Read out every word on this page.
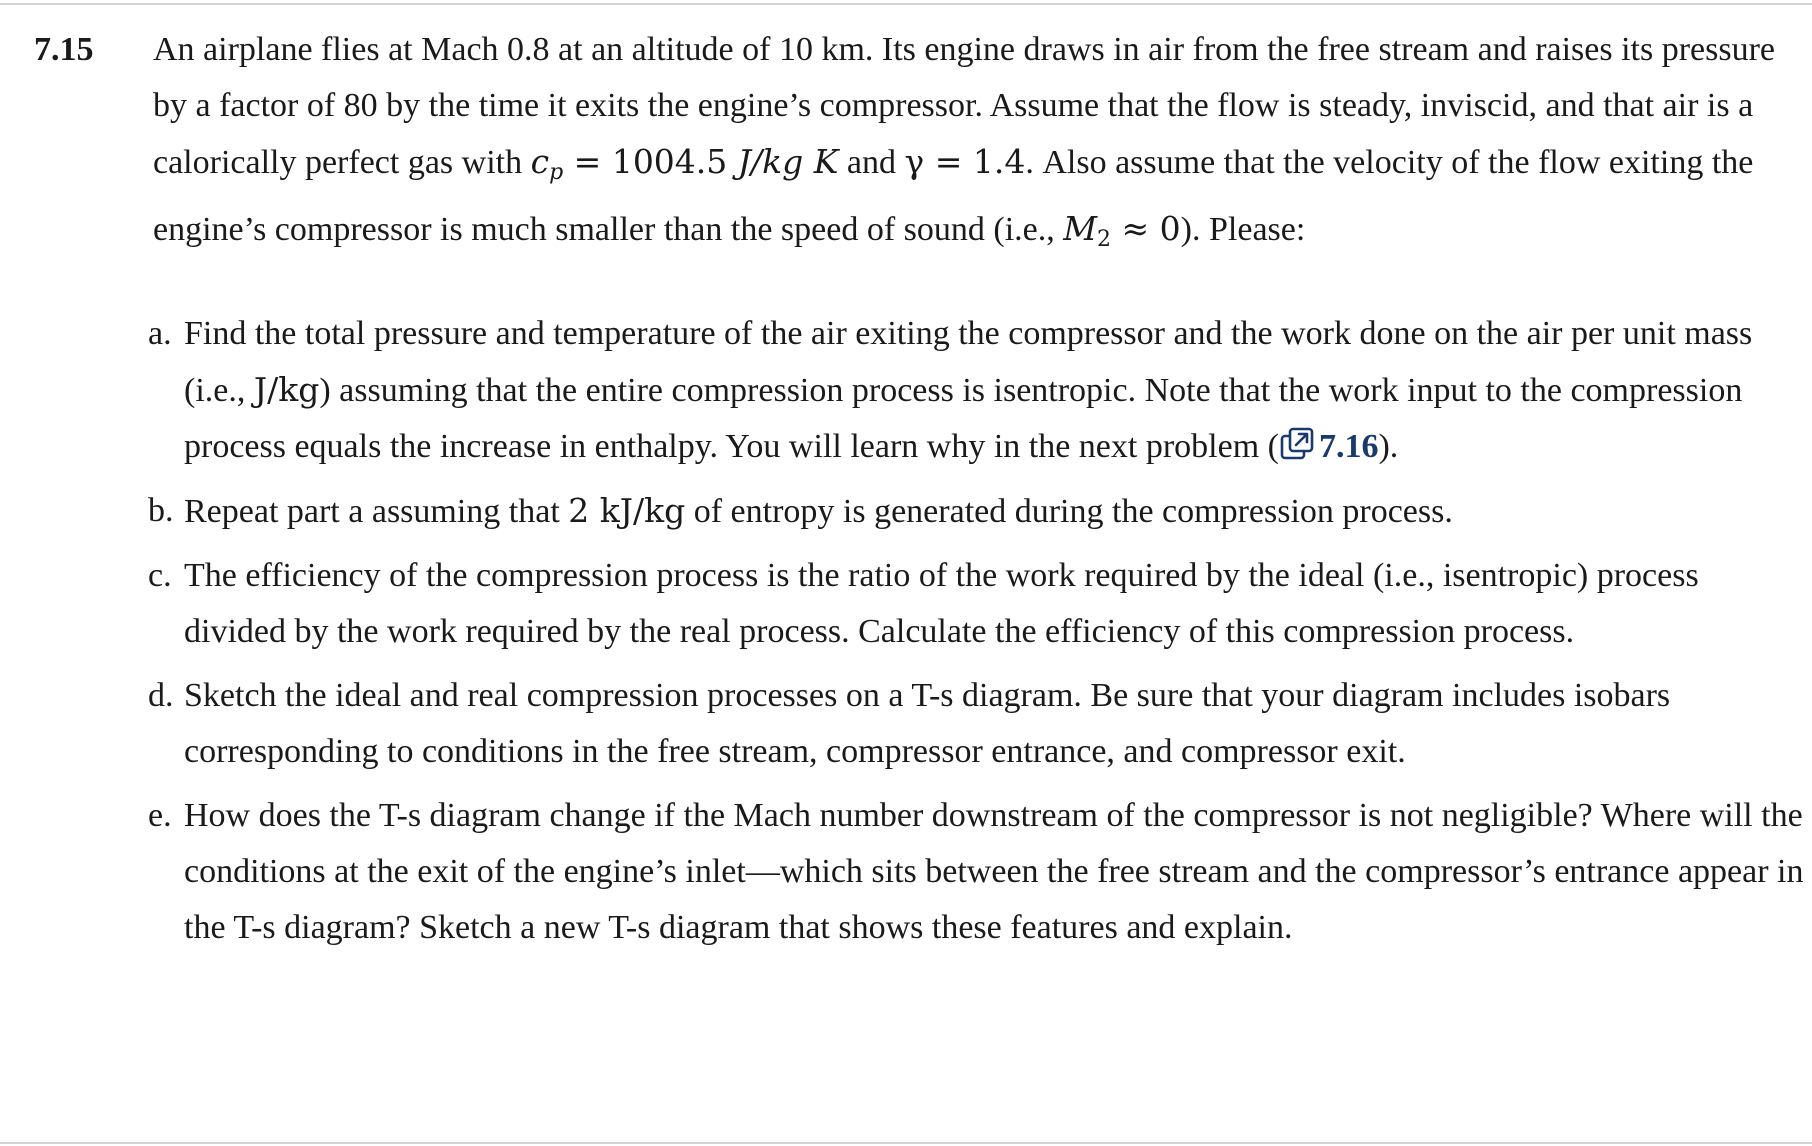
7.15 An airplane flies at Mach 0.8 at an altitude of 10 km. Its engine draws in air from the free stream and raises its pressure by a factor of 80 by the time it exits the engine’s compressor. Assume that the flow is steady, inviscid, and that air is a calorically perfect gas with cp = 1004.5 J/kg K and γ = 1.4. Also assume that the velocity of the flow exiting the engine’s compressor is much smaller than the speed of sound (i.e., M2 ≈ 0). Please:
a. Find the total pressure and temperature of the air exiting the compressor and the work done on the air per unit mass (i.e., J/kg) assuming that the entire compression process is isentropic. Note that the work input to the compression process equals the increase in enthalpy. You will learn why in the next problem ( 7.16).
b. Repeat part a assuming that 2 kJ/kg of entropy is generated during the compression process.
c. The efficiency of the compression process is the ratio of the work required by the ideal (i.e., isentropic) process divided by the work required by the real process. Calculate the efficiency of this compression process.
d. Sketch the ideal and real compression processes on a T-s diagram. Be sure that your diagram includes isobars corresponding to conditions in the free stream, compressor entrance, and compressor exit.
e. How does the T-s diagram change if the Mach number downstream of the compressor is not negligible? Where will the conditions at the exit of the engine’s inlet—which sits between the free stream and the compressor’s entrance appear in the T-s diagram? Sketch a new T-s diagram that shows these features and explain.
